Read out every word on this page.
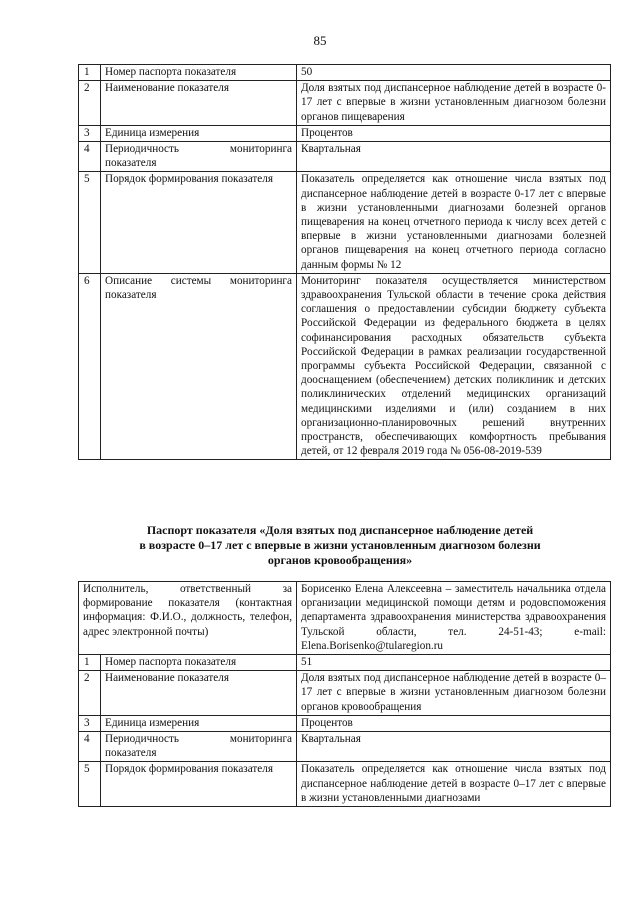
85
1	Номер паспорта показателя	50
2	Наименование показателя	Доля взятых под диспансерное наблюдение детей в возрасте 0-17 лет с впервые в жизни установленным диагнозом болезни органов пищеварения
3	Единица измерения	Процентов
4	Периодичность мониторинга показателя	Квартальная
5	Порядок формирования показателя	Показатель определяется как отношение числа взятых под диспансерное наблюдение детей в возрасте 0-17 лет с впервые в жизни установленными диагнозами болезней органов пищеварения на конец отчетного периода к числу всех детей с впервые в жизни установленными диагнозами болезней органов пищеварения на конец отчетного периода согласно данным формы № 12
6	Описание системы мониторинга показателя	Мониторинг показателя осуществляется министерством здравоохранения Тульской области в течение срока действия соглашения о предоставлении субсидии бюджету субъекта Российской Федерации из федерального бюджета в целях софинансирования расходных обязательств субъекта Российской Федерации в рамках реализации государственной программы субъекта Российской Федерации, связанной с дооснащением (обеспечением) детских поликлиник и детских поликлинических отделений медицинских организаций медицинскими изделиями и (или) созданием в них организационно-планировочных решений внутренних пространств, обеспечивающих комфортность пребывания детей, от 12 февраля 2019 года № 056-08-2019-539
Паспорт показателя «Доля взятых под диспансерное наблюдение детей
в возрасте 0–17 лет с впервые в жизни установленным диагнозом болезни
органов кровообращения»
Исполнитель, ответственный за формирование показателя (контактная информация: Ф.И.О., должность, телефон, адрес электронной почты)		Борисенко Елена Алексеевна – заместитель начальника отдела организации медицинской помощи детям и родовспоможения департамента здравоохранения министерства здравоохранения Тульской области, тел. 24-51-43; e-mail: Elena.Borisenko@tularegion.ru
1	Номер паспорта показателя	51
2	Наименование показателя	Доля взятых под диспансерное наблюдение детей в возрасте 0–17 лет с впервые в жизни установленным диагнозом болезни органов кровообращения
3	Единица измерения	Процентов
4	Периодичность мониторинга показателя	Квартальная
5	Порядок формирования показателя	Показатель определяется как отношение числа взятых под диспансерное наблюдение детей в возрасте 0–17 лет с впервые в жизни установленными диагнозами
